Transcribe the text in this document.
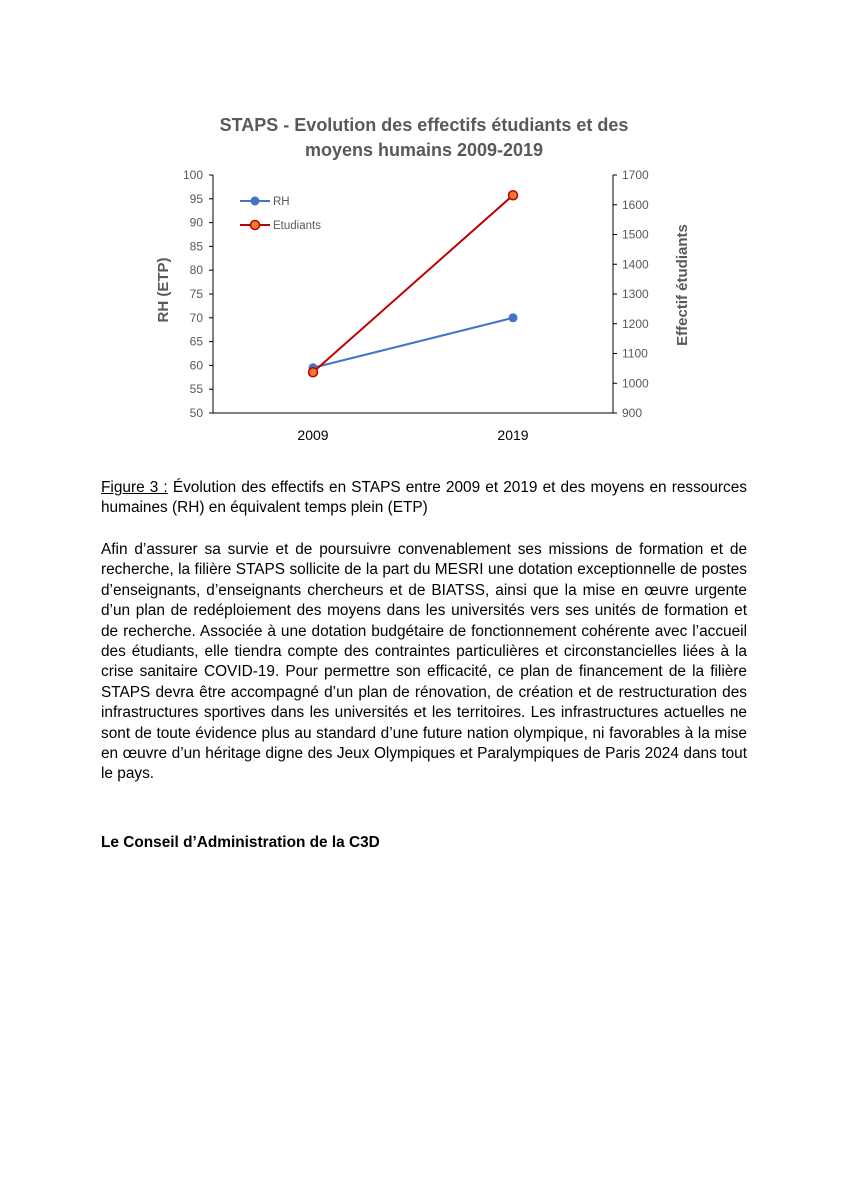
STAPS - Evolution des effectifs étudiants et des
moyens humains 2009-2019
100
95
90
85
80
75
70
65
60
55
50
1700
1600
1500
1400
1300
1200
1100
1000
900
2009	2019
RH (ETP)	Effectif étudiants
RH
Etudiants

Figure 3 : Évolution des effectifs en STAPS entre 2009 et 2019 et des moyens en ressources humaines (RH) en équivalent temps plein (ETP)

Afin d’assurer sa survie et de poursuivre convenablement ses missions de formation et de recherche, la filière STAPS sollicite de la part du MESRI une dotation exceptionnelle de postes d’enseignants, d’enseignants chercheurs et de BIATSS, ainsi que la mise en œuvre urgente d’un plan de redéploiement des moyens dans les universités vers ses unités de formation et de recherche. Associée à une dotation budgétaire de fonctionnement cohérente avec l’accueil des étudiants, elle tiendra compte des contraintes particulières et circonstancielles liées à la crise sanitaire COVID-19. Pour permettre son efficacité, ce plan de financement de la filière STAPS devra être accompagné d’un plan de rénovation, de création et de restructuration des infrastructures sportives dans les universités et les territoires. Les infrastructures actuelles ne sont de toute évidence plus au standard d’une future nation olympique, ni favorables à la mise en œuvre d’un héritage digne des Jeux Olympiques et Paralympiques de Paris 2024 dans tout le pays.

Le Conseil d’Administration de la C3D
